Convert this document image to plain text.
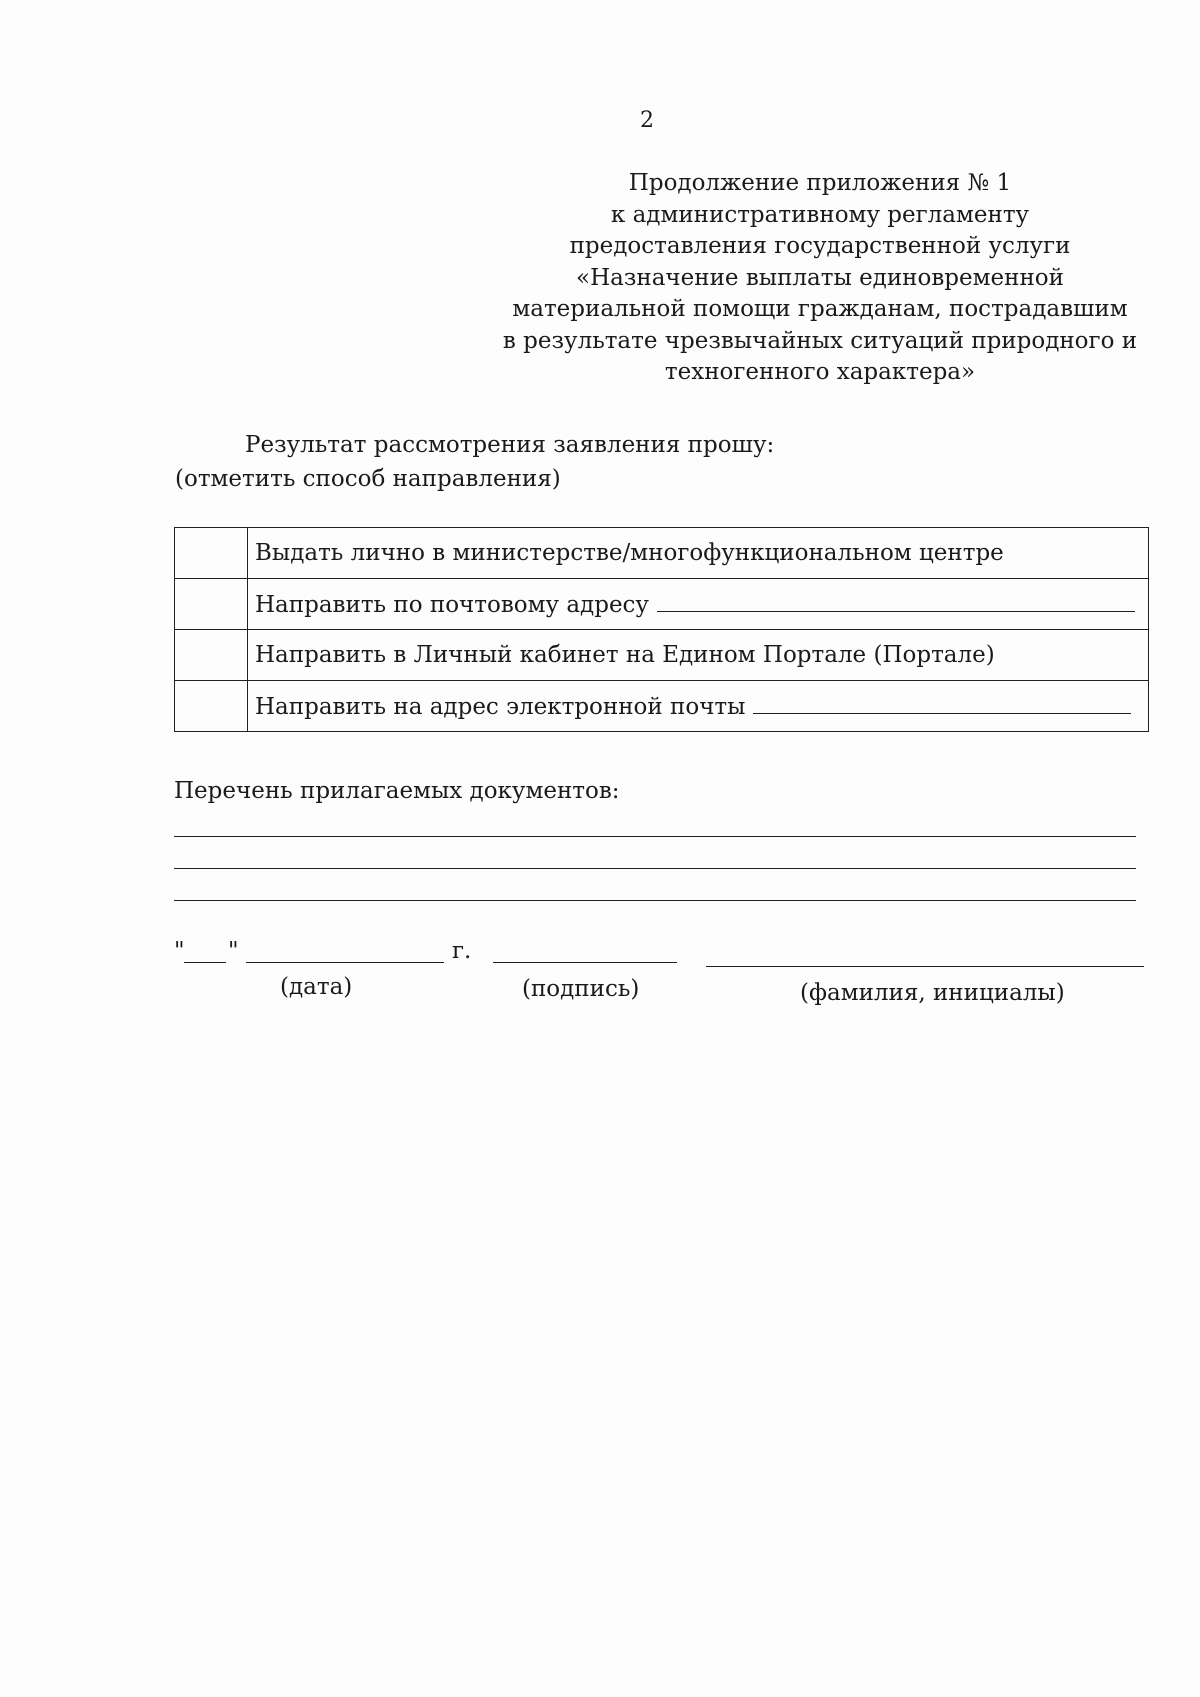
2
Продолжение приложения № 1
к административному регламенту
предоставления государственной услуги
«Назначение выплаты единовременной
материальной помощи гражданам, пострадавшим
в результате чрезвычайных ситуаций природного и
техногенного характера»
Результат рассмотрения заявления прошу:
(отметить способ направления)
	Выдать лично в министерстве/многофункциональном центре
	Направить по почтовому адресу
	Направить в Личный кабинет на Едином Портале (Портале)
	Направить на адрес электронной почты
Перечень прилагаемых документов:
" "	г.
(дата)	(подпись)	(фамилия, инициалы)
